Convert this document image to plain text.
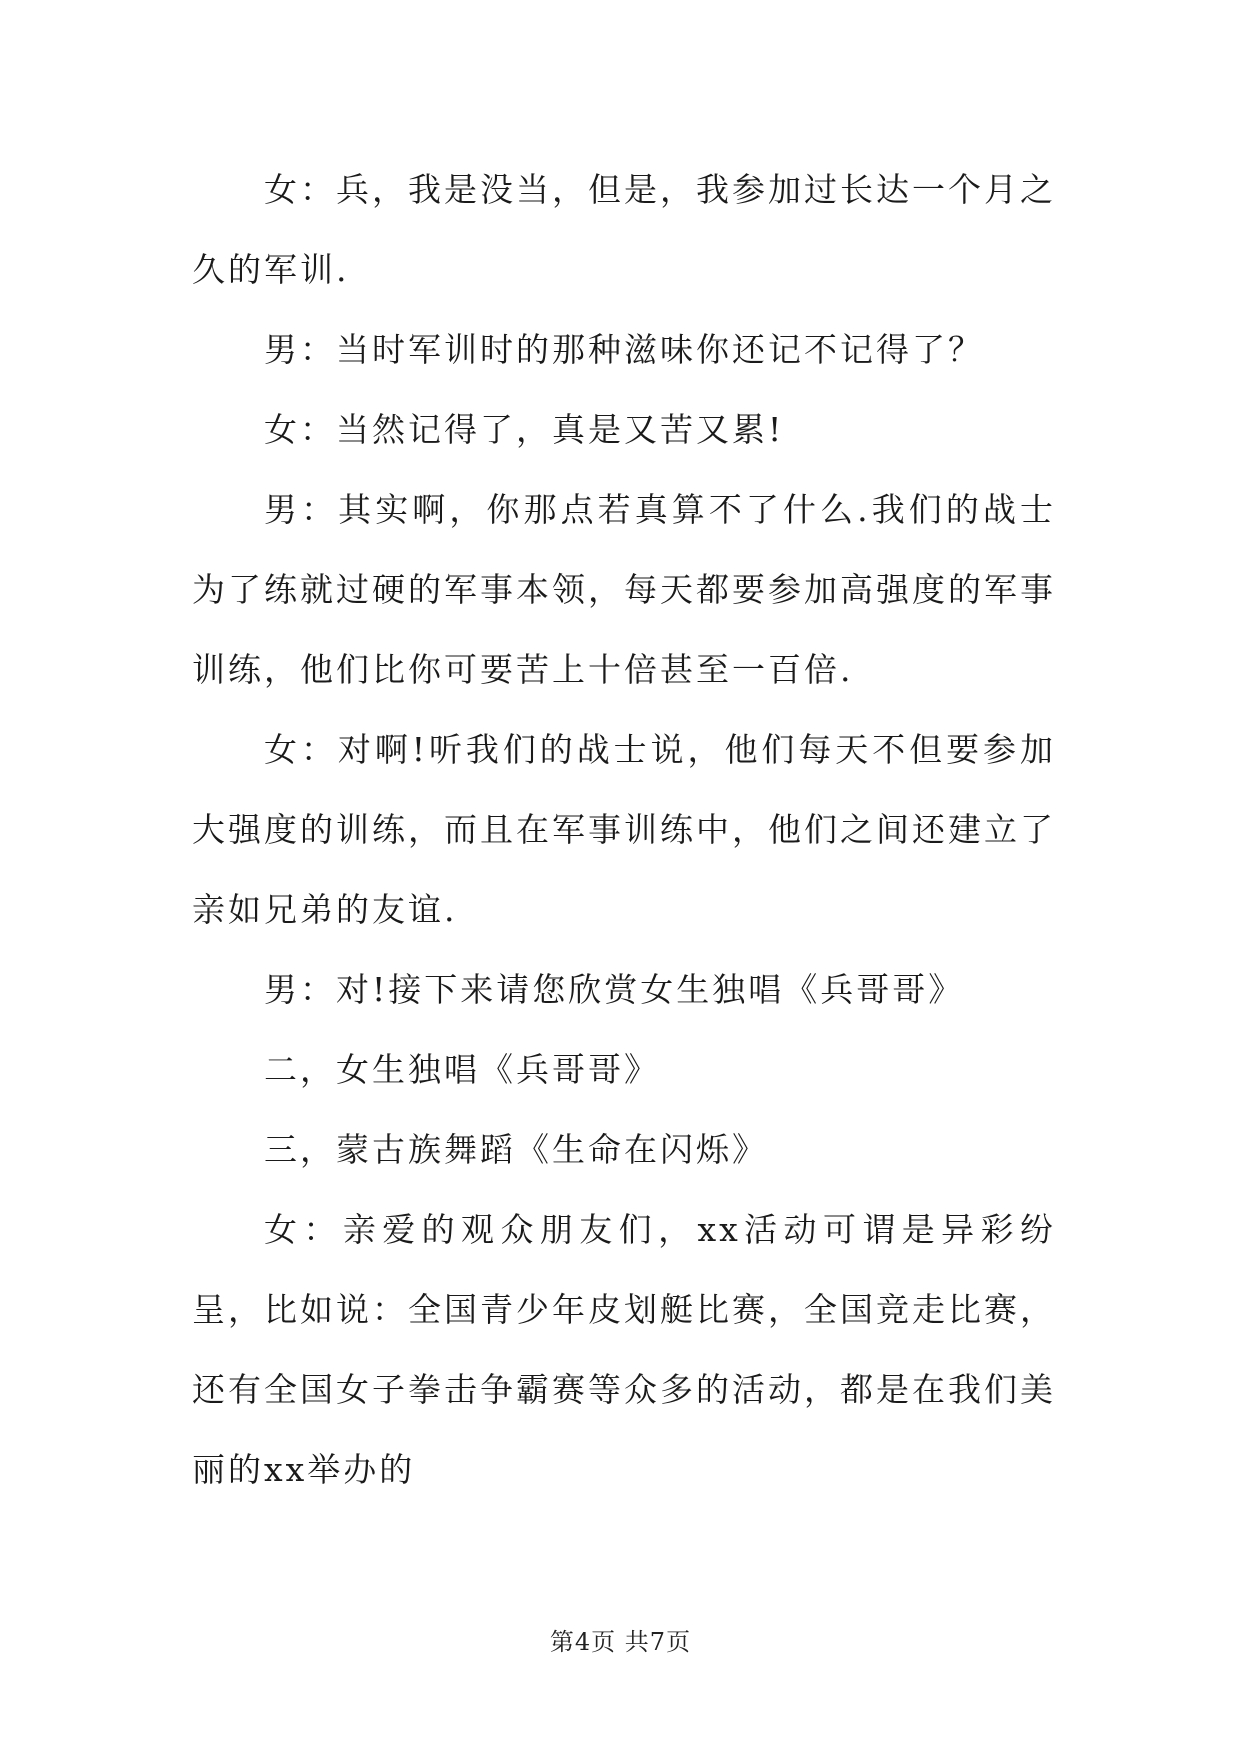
女：兵，我是没当，但是，我参加过长达一个月之久的军训.

男：当时军训时的那种滋味你还记不记得了？

女：当然记得了，真是又苦又累!

男：其实啊，你那点若真算不了什么.我们的战士为了练就过硬的军事本领，每天都要参加高强度的军事训练，他们比你可要苦上十倍甚至一百倍.

女：对啊!听我们的战士说，他们每天不但要参加大强度的训练，而且在军事训练中，他们之间还建立了亲如兄弟的友谊.

男：对!接下来请您欣赏女生独唱《兵哥哥》

二，女生独唱《兵哥哥》

三，蒙古族舞蹈《生命在闪烁》

女：亲爱的观众朋友们，xx活动可谓是异彩纷呈，比如说：全国青少年皮划艇比赛，全国竞走比赛，还有全国女子拳击争霸赛等众多的活动，都是在我们美丽的xx举办的

第4页 共7页
